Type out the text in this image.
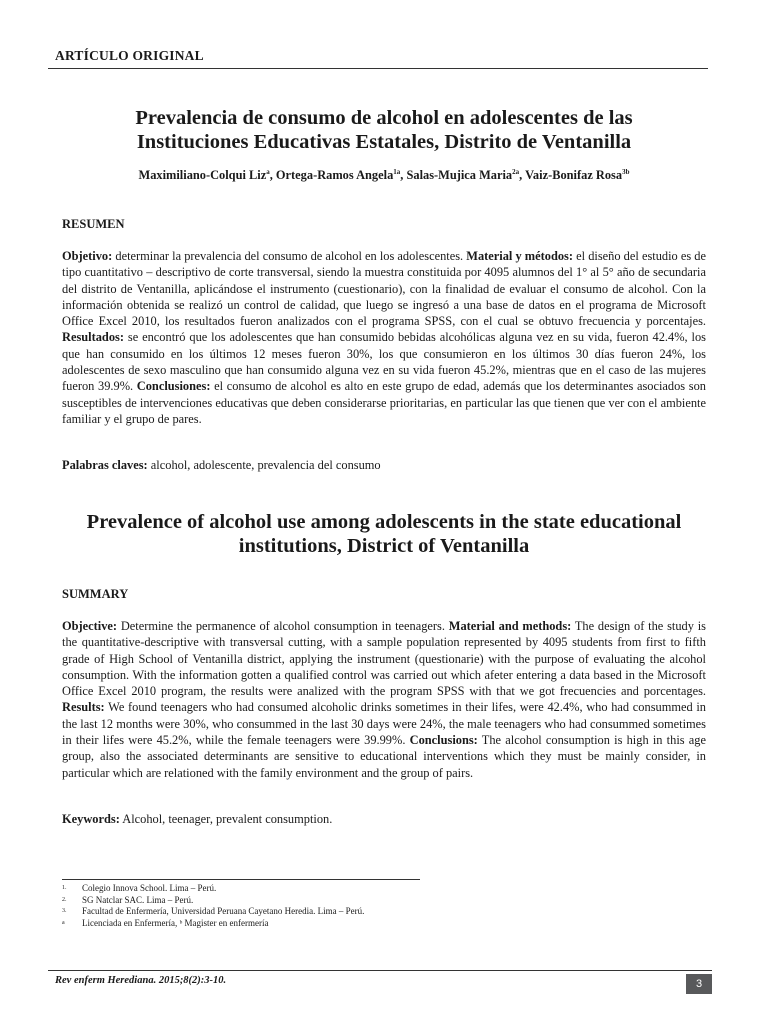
ARTÍCULO ORIGINAL
Prevalencia de consumo de alcohol en adolescentes de las
Instituciones Educativas Estatales, Distrito de Ventanilla
Maximiliano-Colqui Liz$^a$, Ortega-Ramos Angela$^{1a}$, Salas-Mujica Maria$^{2a}$, Vaiz-Bonifaz Rosa$^{3b}$
RESUMEN

Objetivo: determinar la prevalencia del consumo de alcohol en los adolescentes. Material y métodos: el diseño del estudio es de tipo cuantitativo – descriptivo de corte transversal, siendo la muestra constituida por 4095 alumnos del 1° al 5° año de secundaria del distrito de Ventanilla, aplicándose el instrumento (cuestionario), con la finalidad de evaluar el consumo de alcohol. Con la información obtenida se realizó un control de calidad, que luego se ingresó a una base de datos en el programa de Microsoft Office Excel 2010, los resultados fueron analizados con el programa SPSS, con el cual se obtuvo frecuencia y porcentajes. Resultados: se encontró que los adolescentes que han consumido bebidas alcohólicas alguna vez en su vida, fueron 42.4%, los que han consumido en los últimos 12 meses fueron 30%, los que consumieron en los últimos 30 días fueron 24%, los adolescentes de sexo masculino que han consumido alguna vez en su vida fueron 45.2%, mientras que en el caso de las mujeres fueron 39.9%. Conclusiones: el consumo de alcohol es alto en este grupo de edad, además que los determinantes asociados son susceptibles de intervenciones educativas que deben considerarse prioritarias, en particular las que tienen que ver con el ambiente familiar y el grupo de pares.

Palabras claves: alcohol, adolescente, prevalencia del consumo
Prevalence of alcohol use among adolescents in the state educational
institutions, District of Ventanilla
SUMMARY

Objective: Determine the permanence of alcohol consumption in teenagers. Material and methods: The design of the study is the quantitative-descriptive with transversal cutting, with a sample population represented by 4095 students from first to fifth grade of High School of Ventanilla district, applying the instrument (questionarie) with the purpose of evaluating the alcohol consumption. With the information gotten a qualified control was carried out which afeter entering a data based in the Microsoft Office Excel 2010 program, the results were analized with the program SPSS with that we got frecuencies and porcentages. Results: We found teenagers who had consumed alcoholic drinks sometimes in their lifes, were 42.4%, who had consummed in the last 12 months were 30%, who consummed in the last 30 days were 24%, the male teenagers who had consummed sometimes in their lifes were 45.2%, while the female teenagers were 39.99%. Conclusions: The alcohol consumption is high in this age group, also the associated determinants are sensitive to educational interventions which they must be mainly consider, in particular which are relationed with the family environment and the group of pairs.

Keywords: Alcohol, teenager, prevalent consumption.
1. Colegio Innova School. Lima – Perú.
2. SG Natclar SAC. Lima – Perú.
3. Facultad de Enfermería, Universidad Peruana Cayetano Heredia. Lima – Perú.
a Licenciada en Enfermería, ᵇ Magister en enfermería
Rev enferm Herediana. 2015;8(2):3-10.	3
